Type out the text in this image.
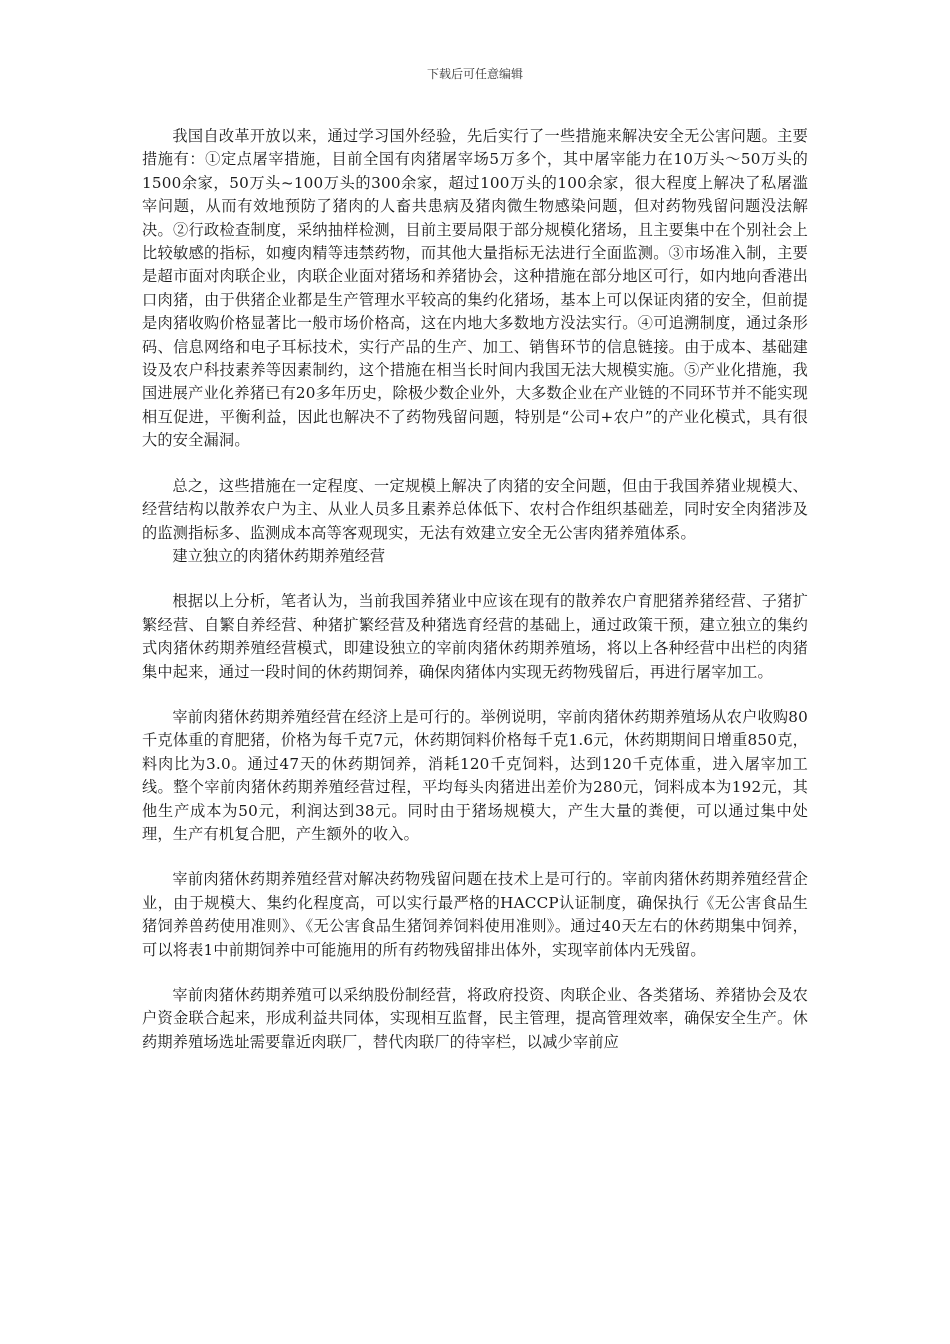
下载后可任意编辑

我国自改革开放以来，通过学习国外经验，先后实行了一些措施来解决安全无公害问题。主要措施有：①定点屠宰措施，目前全国有肉猪屠宰场5万多个，其中屠宰能力在10万头～50万头的1500余家，50万头~100万头的300余家，超过100万头的100余家，很大程度上解决了私屠滥宰问题，从而有效地预防了猪肉的人畜共患病及猪肉微生物感染问题，但对药物残留问题没法解决。②行政检查制度，采纳抽样检测，目前主要局限于部分规模化猪场，且主要集中在个别社会上比较敏感的指标，如瘦肉精等违禁药物，而其他大量指标无法进行全面监测。③市场准入制，主要是超市面对肉联企业，肉联企业面对猪场和养猪协会，这种措施在部分地区可行，如内地向香港出口肉猪，由于供猪企业都是生产管理水平较高的集约化猪场，基本上可以保证肉猪的安全，但前提是肉猪收购价格显著比一般市场价格高，这在内地大多数地方没法实行。④可追溯制度，通过条形码、信息网络和电子耳标技术，实行产品的生产、加工、销售环节的信息链接。由于成本、基础建设及农户科技素养等因素制约，这个措施在相当长时间内我国无法大规模实施。⑤产业化措施，我国进展产业化养猪已有20多年历史，除极少数企业外，大多数企业在产业链的不同环节并不能实现相互促进，平衡利益，因此也解决不了药物残留问题，特别是“公司+农户”的产业化模式，具有很大的安全漏洞。

总之，这些措施在一定程度、一定规模上解决了肉猪的安全问题，但由于我国养猪业规模大、经营结构以散养农户为主、从业人员多且素养总体低下、农村合作组织基础差，同时安全肉猪涉及的监测指标多、监测成本高等客观现实，无法有效建立安全无公害肉猪养殖体系。

建立独立的肉猪休药期养殖经营

根据以上分析，笔者认为，当前我国养猪业中应该在现有的散养农户育肥猪养猪经营、子猪扩繁经营、自繁自养经营、种猪扩繁经营及种猪选育经营的基础上，通过政策干预，建立独立的集约式肉猪休药期养殖经营模式，即建设独立的宰前肉猪休药期养殖场，将以上各种经营中出栏的肉猪集中起来，通过一段时间的休药期饲养，确保肉猪体内实现无药物残留后，再进行屠宰加工。

宰前肉猪休药期养殖经营在经济上是可行的。举例说明，宰前肉猪休药期养殖场从农户收购80千克体重的育肥猪，价格为每千克7元，休药期饲料价格每千克1.6元，休药期期间日增重850克，料肉比为3.0。通过47天的休药期饲养，消耗120千克饲料，达到120千克体重，进入屠宰加工线。整个宰前肉猪休药期养殖经营过程，平均每头肉猪进出差价为280元，饲料成本为192元，其他生产成本为50元，利润达到38元。同时由于猪场规模大，产生大量的粪便，可以通过集中处理，生产有机复合肥，产生额外的收入。

宰前肉猪休药期养殖经营对解决药物残留问题在技术上是可行的。宰前肉猪休药期养殖经营企业，由于规模大、集约化程度高，可以实行最严格的HACCP认证制度，确保执行《无公害食品生猪饲养兽药使用准则》、《无公害食品生猪饲养饲料使用准则》。通过40天左右的休药期集中饲养，可以将表1中前期饲养中可能施用的所有药物残留排出体外，实现宰前体内无残留。

宰前肉猪休药期养殖可以采纳股份制经营，将政府投资、肉联企业、各类猪场、养猪协会及农户资金联合起来，形成利益共同体，实现相互监督，民主管理，提高管理效率，确保安全生产。休药期养殖场选址需要靠近肉联厂，替代肉联厂的待宰栏，以减少宰前应
